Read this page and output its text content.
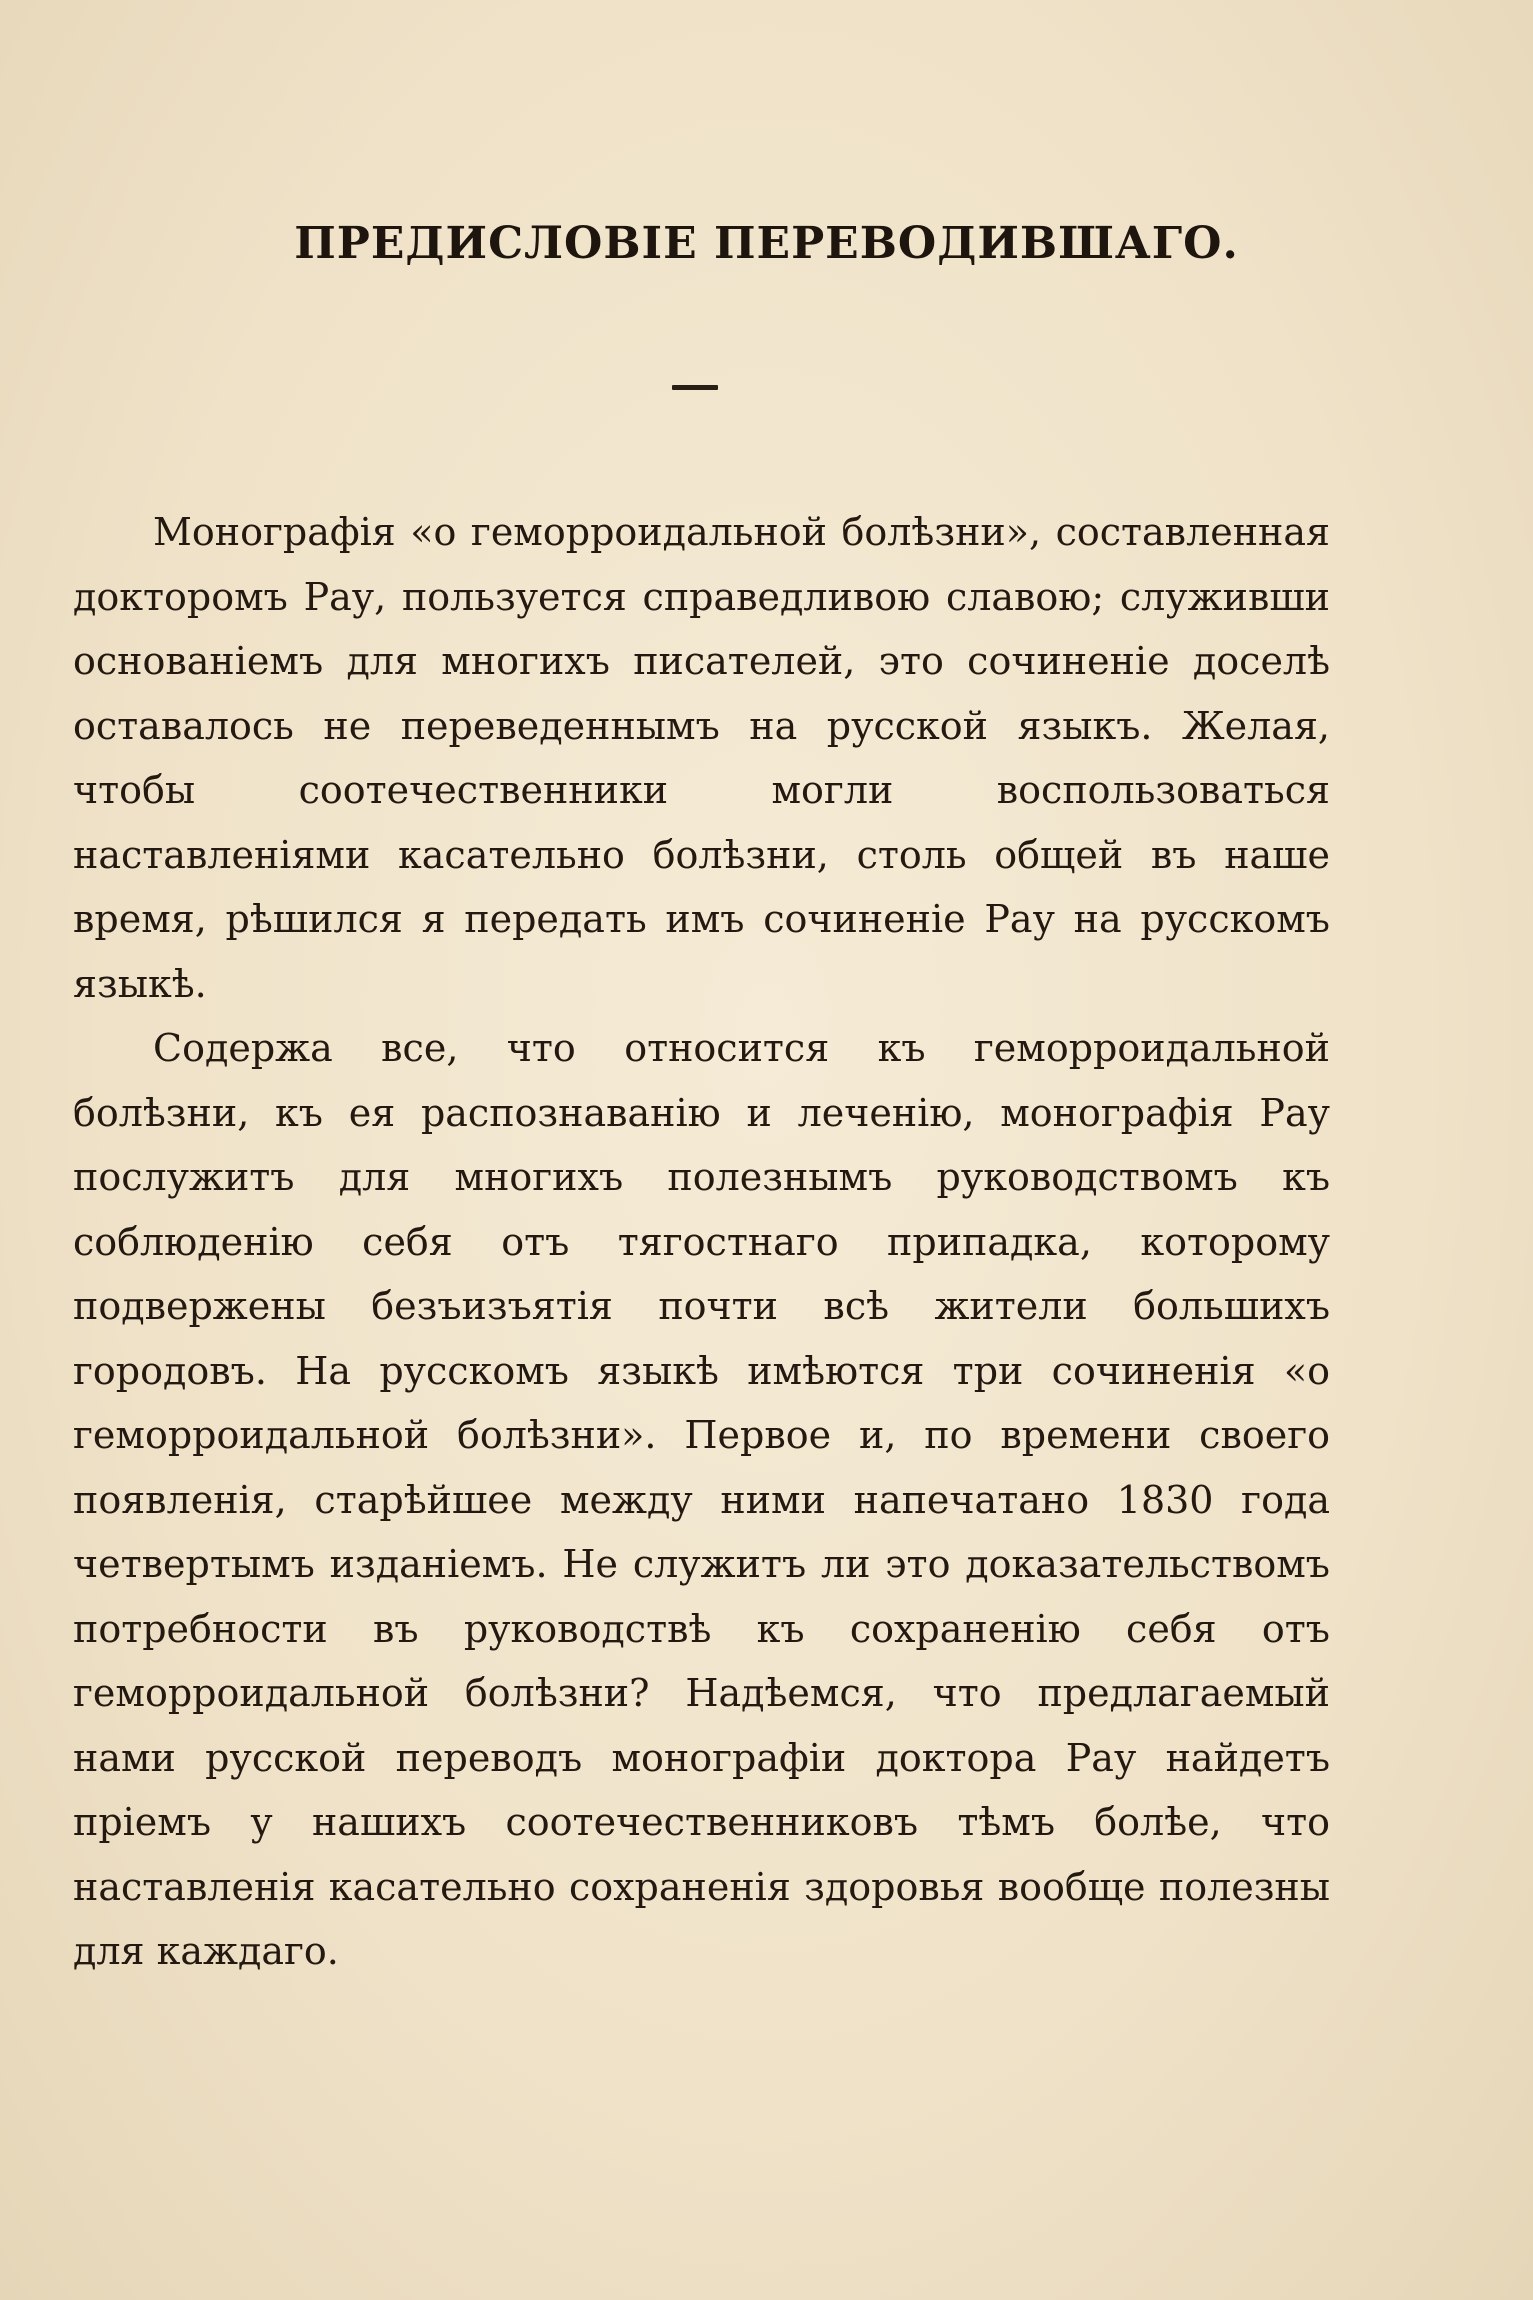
ПРЕДИСЛОВІЕ ПЕРЕВОДИВШАГО.

Монографія «о геморроидальной болѣзни», составленная докторомъ Рау, пользуется справедливою славою; служивши основаніемъ для многихъ писателей, это сочиненіе доселѣ оставалось не переведеннымъ на русской языкъ. Желая, чтобы соотечественники могли воспользоваться наставленіями касательно болѣзни, столь общей въ наше время, рѣшился я передать имъ сочиненіе Рау на русскомъ языкѣ.

Содержа все, что относится къ геморроидальной болѣзни, къ ея распознаванію и леченію, монографія Рау послужитъ для многихъ полезнымъ руководствомъ къ соблюденію себя отъ тягостнаго припадка, которому подвержены безъизъятія почти всѣ жители большихъ городовъ. На русскомъ языкѣ имѣются три сочиненія «о геморроидальной болѣзни». Первое и, по времени своего появленія, старѣйшее между ними напечатано 1830 года четвертымъ изданіемъ. Не служитъ ли это доказательствомъ потребности въ руководствѣ къ сохраненію себя отъ геморроидальной болѣзни? Надѣемся, что предлагаемый нами русской переводъ монографіи доктора Рау найдетъ пріемъ у нашихъ соотечественниковъ тѣмъ болѣе, что наставленія касательно сохраненія здоровья вообще полезны для каждаго.
